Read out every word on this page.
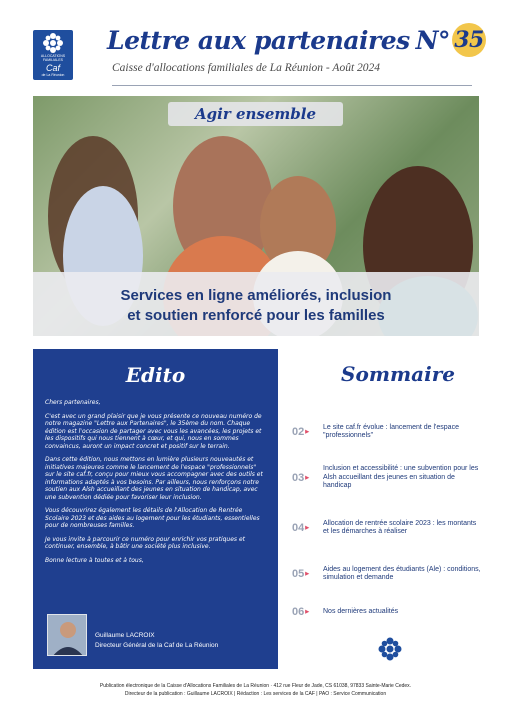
ALLOCATIONS
FAMILIALES
Caf
de La Réunion
Lettre aux partenaires N° 35
Caisse d'allocations familiales de La Réunion - Août 2024
Agir ensemble
Services en ligne améliorés, inclusion
et soutien renforcé pour les familles
Edito

Chers partenaires,

C'est avec un grand plaisir que je vous présente ce nouveau numéro de notre magazine "Lettre aux Partenaires", le 35ème du nom. Chaque édition est l'occasion de partager avec vous les avancées, les projets et les dispositifs qui nous tiennent à cœur, et qui, nous en sommes convaincus, auront un impact concret et positif sur le terrain.

Dans cette édition, nous mettons en lumière plusieurs nouveautés et initiatives majeures comme le lancement de l'espace "professionnels" sur le site caf.fr, conçu pour mieux vous accompagner avec des outils et informations adaptés à vos besoins. Par ailleurs, nous renforçons notre soutien aux Alsh accueillant des jeunes en situation de handicap, avec une subvention dédiée pour favoriser leur inclusion.

Vous découvrirez également les détails de l'Allocation de Rentrée Scolaire 2023 et des aides au logement pour les étudiants, essentielles pour de nombreuses familles.

Je vous invite à parcourir ce numéro pour enrichir vos pratiques et continuer, ensemble, à bâtir une société plus inclusive.

Bonne lecture à toutes et à tous,

Guillaume LACROIX
Directeur Général de la Caf de La Réunion
Sommaire
02 ▶
Le site caf.fr évolue : lancement de l'espace "professionnels"
03 ▶
Inclusion et accessibilité : une subvention pour les Alsh accueillant des jeunes en situation de handicap
04 ▶
Allocation de rentrée scolaire 2023 : les montants et les démarches à réaliser
05 ▶
Aides au logement des étudiants (Ale) : conditions, simulation et demande
06 ▶ Nos dernières actualités
Publication électronique de la Caisse d'Allocations Familiales de La Réunion · 412 rue Fleur de Jade, CS 61038, 97833 Sainte-Marie Cedex.
Directeur de la publication : Guillaume LACROIX | Rédaction : Les services de la CAF | PAO : Service Communication
